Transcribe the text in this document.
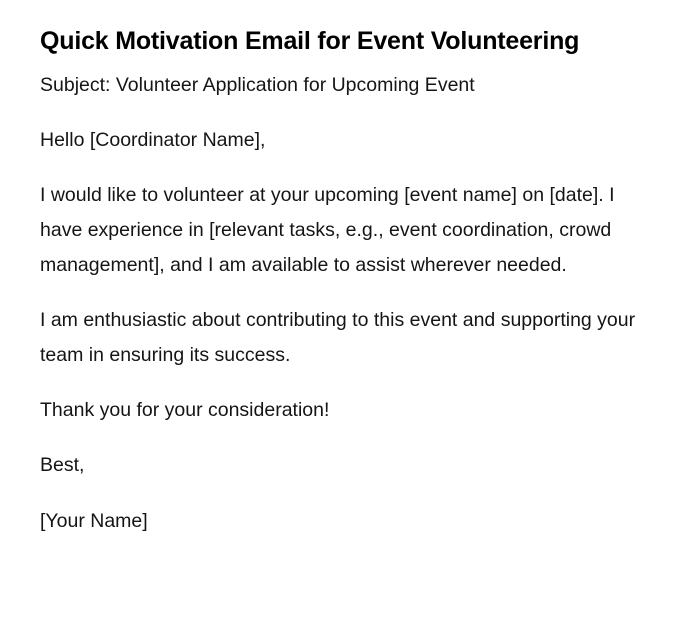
Quick Motivation Email for Event Volunteering

Subject: Volunteer Application for Upcoming Event

Hello [Coordinator Name],

I would like to volunteer at your upcoming [event name] on [date]. I have experience in [relevant tasks, e.g., event coordination, crowd management], and I am available to assist wherever needed.

I am enthusiastic about contributing to this event and supporting your team in ensuring its success.

Thank you for your consideration!

Best,

[Your Name]
